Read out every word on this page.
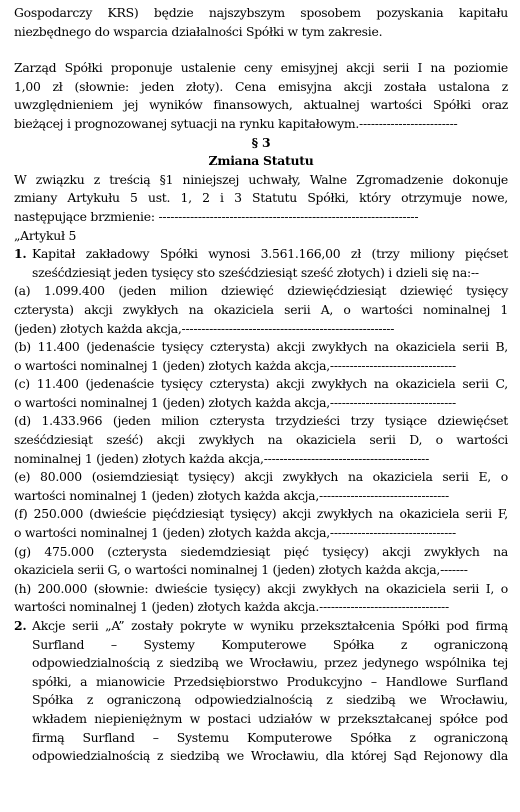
Gospodarczy KRS) będzie najszybszym sposobem pozyskania kapitału

niezbędnego do wsparcia działalności Spółki w tym zakresie.

Zarząd Spółki proponuje ustalenie ceny emisyjnej akcji serii I na poziomie

1,00 zł (słownie: jeden złoty). Cena emisyjna akcji została ustalona z

uwzględnieniem jej wyników finansowych, aktualnej wartości Spółki oraz

bieżącej i prognozowanej sytuacji na rynku kapitałowym.-------------------------

§ 3

Zmiana Statutu

W związku z treścią §1 niniejszej uchwały, Walne Zgromadzenie dokonuje

zmiany Artykułu 5 ust. 1, 2 i 3 Statutu Spółki, który otrzymuje nowe,

następujące brzmienie: ------------------------------------------------------------------

„Artykuł 5

1. Kapitał zakładowy Spółki wynosi 3.561.166,00 zł (trzy miliony pięćset

sześćdziesiąt jeden tysięcy sto sześćdziesiąt sześć złotych) i dzieli się na:--

(a) 1.099.400 (jeden milion dziewięć dziewięćdziesiąt dziewięć tysięcy

czterysta) akcji zwykłych na okaziciela serii A, o wartości nominalnej 1

(jeden) złotych każda akcja,------------------------------------------------------

(b) 11.400 (jedenaście tysięcy czterysta) akcji zwykłych na okaziciela serii B,

o wartości nominalnej 1 (jeden) złotych każda akcja,--------------------------------

(c) 11.400 (jedenaście tysięcy czterysta) akcji zwykłych na okaziciela serii C,

o wartości nominalnej 1 (jeden) złotych każda akcja,--------------------------------

(d) 1.433.966 (jeden milion czterysta trzydzieści trzy tysiące dziewięćset

sześćdziesiąt sześć) akcji zwykłych na okaziciela serii D, o wartości

nominalnej 1 (jeden) złotych każda akcja,------------------------------------------

(e) 80.000 (osiemdziesiąt tysięcy) akcji zwykłych na okaziciela serii E, o

wartości nominalnej 1 (jeden) złotych każda akcja,---------------------------------

(f) 250.000 (dwieście pięćdziesiąt tysięcy) akcji zwykłych na okaziciela serii F,

o wartości nominalnej 1 (jeden) złotych każda akcja,--------------------------------

(g) 475.000 (czterysta siedemdziesiąt pięć tysięcy) akcji zwykłych na

okaziciela serii G, o wartości nominalnej 1 (jeden) złotych każda akcja,-------

(h) 200.000 (słownie: dwieście tysięcy) akcji zwykłych na okaziciela serii I, o

wartości nominalnej 1 (jeden) złotych każda akcja.---------------------------------

2. Akcje serii „A” zostały pokryte w wyniku przekształcenia Spółki pod firmą

Surfland – Systemy Komputerowe Spółka z ograniczoną

odpowiedzialnością z siedzibą we Wrocławiu, przez jedynego wspólnika tej

spółki, a mianowicie Przedsiębiorstwo Produkcyjno – Handlowe Surfland

Spółka z ograniczoną odpowiedzialnością z siedzibą we Wrocławiu,

wkładem niepieniężnym w postaci udziałów w przekształcanej spółce pod

firmą Surfland – Systemu Komputerowe Spółka z ograniczoną

odpowiedzialnością z siedzibą we Wrocławiu, dla której Sąd Rejonowy dla
